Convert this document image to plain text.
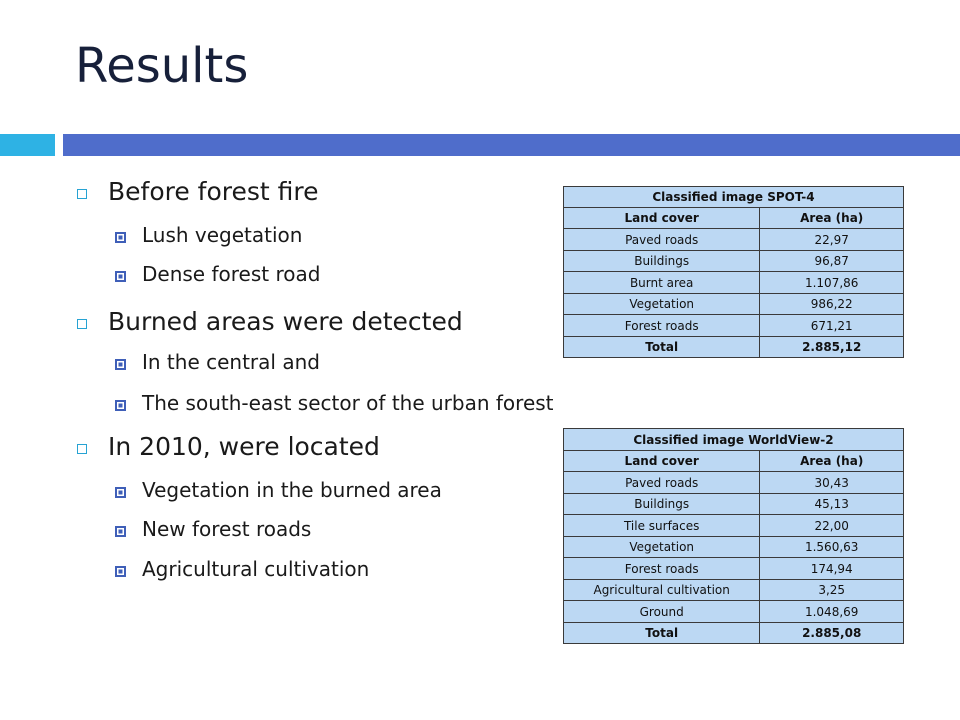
Results
Before forest fire
Lush vegetation
Dense forest road
Burned areas were detected
In the central and
The south-east sector of the urban forest
In 2010, were located
Vegetation in the burned area
New forest roads
Agricultural cultivation
Classified image SPOT-4	
Land cover	Area (ha)
Paved roads	22,97
Buildings	96,87
Burnt area	1.107,86
Vegetation	986,22
Forest roads	671,21
Total	2.885,12
Classified image WorldView-2	
Land cover	Area (ha)
Paved roads	30,43
Buildings	45,13
Tile surfaces	22,00
Vegetation	1.560,63
Forest roads	174,94
Agricultural cultivation	3,25
Ground	1.048,69
Total	2.885,08
